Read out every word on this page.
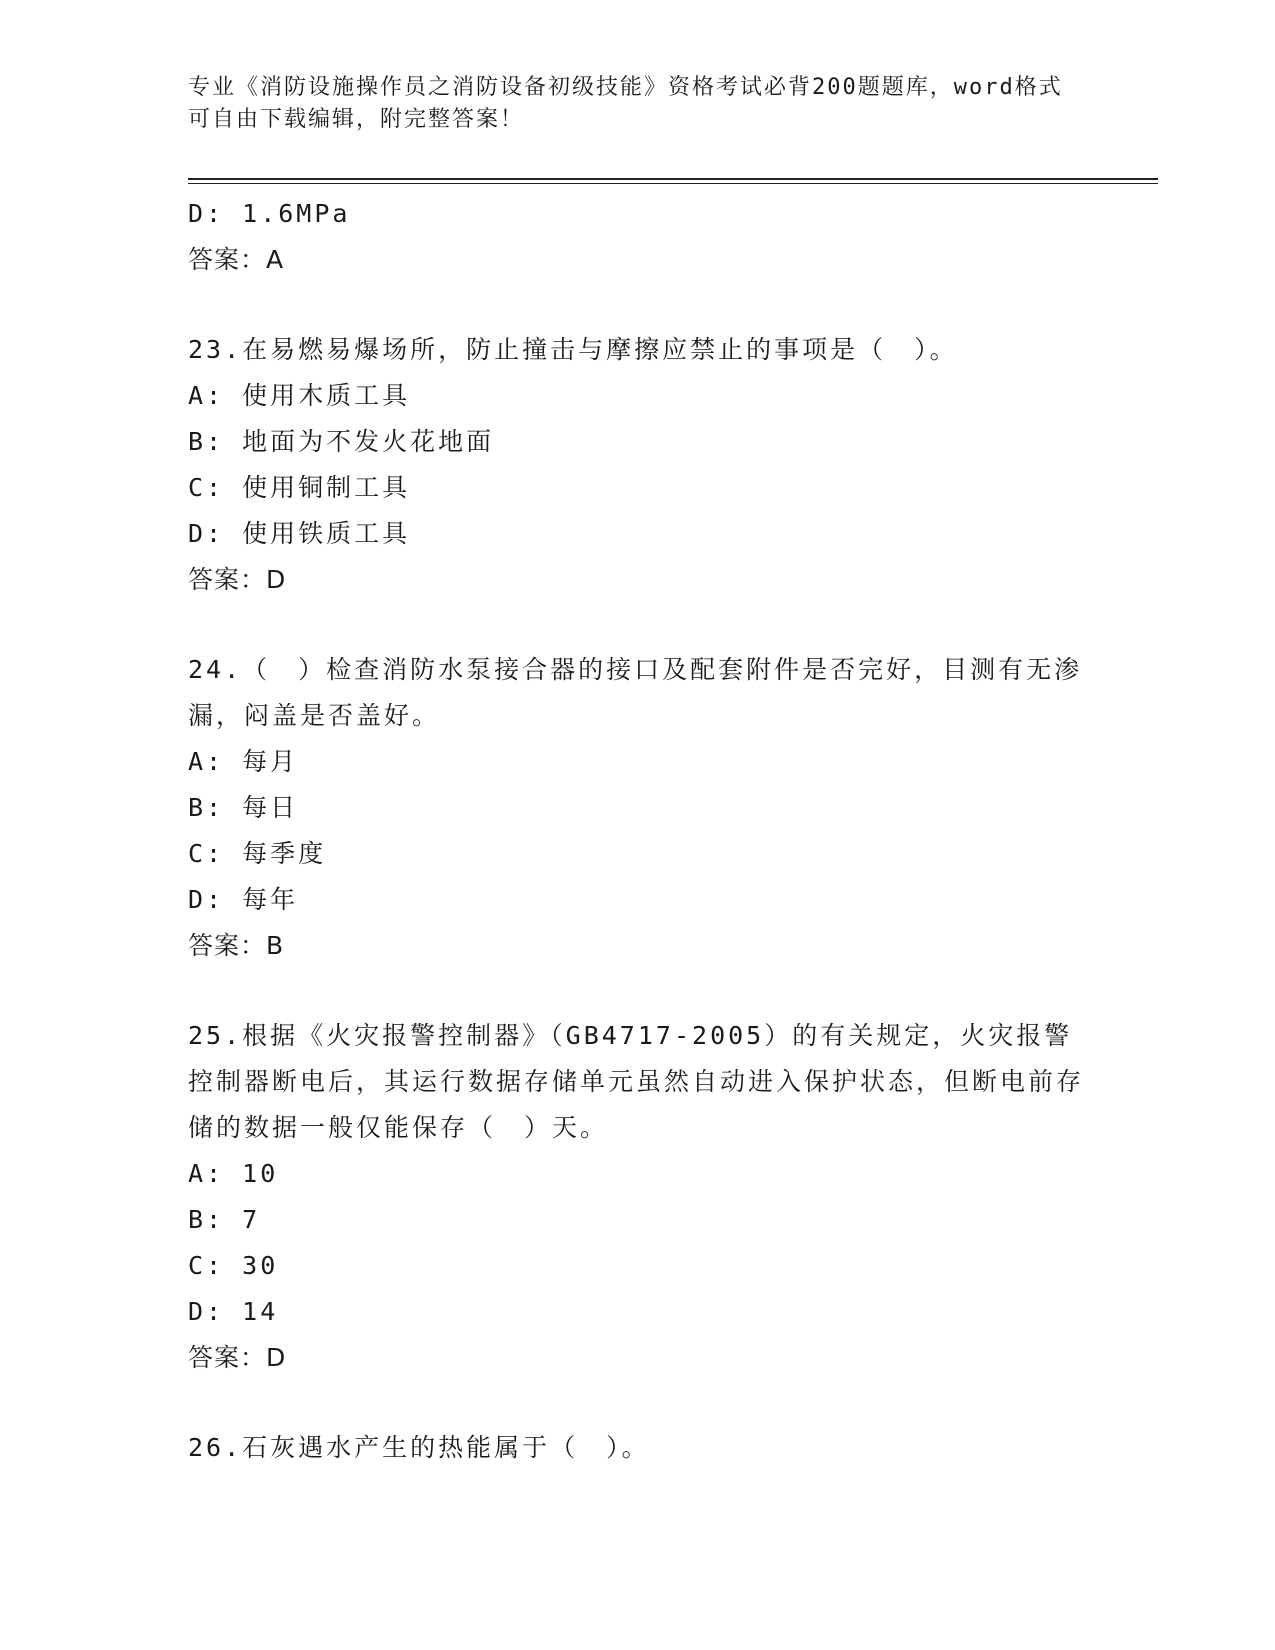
专业《消防设施操作员之消防设备初级技能》资格考试必背200题题库，word格式可自由下载编辑，附完整答案！
D: 1.6MPa
答案：A
23.在易燃易爆场所，防止撞击与摩擦应禁止的事项是（　）。
A: 使用木质工具
B: 地面为不发火花地面
C: 使用铜制工具
D: 使用铁质工具
答案：D
24.（　）检查消防水泵接合器的接口及配套附件是否完好，目测有无渗漏，闷盖是否盖好。
A: 每月
B: 每日
C: 每季度
D: 每年
答案：B
25.根据《火灾报警控制器》（GB4717-2005）的有关规定，火灾报警控制器断电后，其运行数据存储单元虽然自动进入保护状态，但断电前存储的数据一般仅能保存（　）天。
A: 10
B: 7
C: 30
D: 14
答案：D
26.石灰遇水产生的热能属于（　）。
